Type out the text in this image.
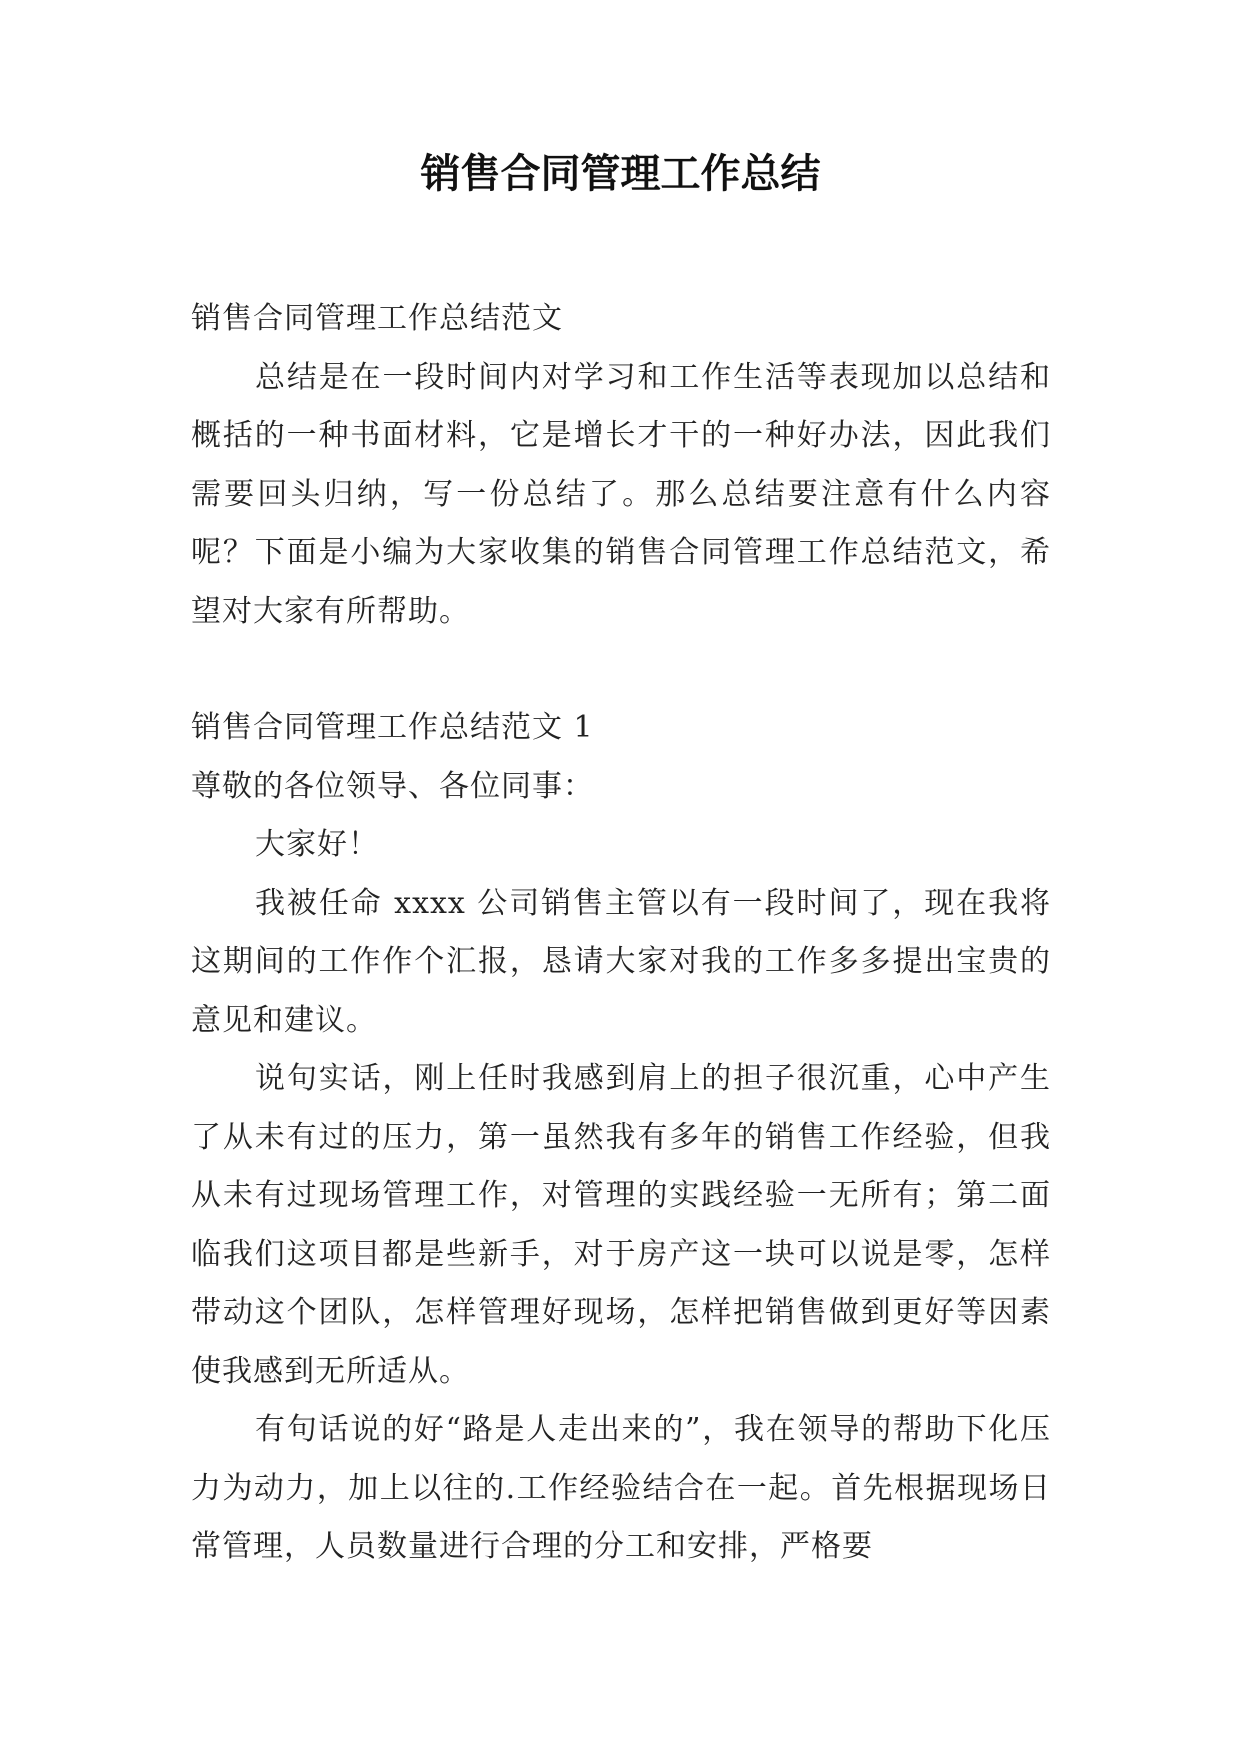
销售合同管理工作总结

销售合同管理工作总结范文

总结是在一段时间内对学习和工作生活等表现加以总结和概括的一种书面材料，它是增长才干的一种好办法，因此我们需要回头归纳，写一份总结了。那么总结要注意有什么内容呢？下面是小编为大家收集的销售合同管理工作总结范文，希望对大家有所帮助。

销售合同管理工作总结范文 1

尊敬的各位领导、各位同事：

大家好！

我被任命 xxxx 公司销售主管以有一段时间了，现在我将这期间的工作作个汇报，恳请大家对我的工作多多提出宝贵的意见和建议。

说句实话，刚上任时我感到肩上的担子很沉重，心中产生了从未有过的压力，第一虽然我有多年的销售工作经验，但我从未有过现场管理工作，对管理的实践经验一无所有；第二面临我们这项目都是些新手，对于房产这一块可以说是零，怎样带动这个团队，怎样管理好现场，怎样把销售做到更好等因素使我感到无所适从。

有句话说的好“路是人走出来的”，我在领导的帮助下化压力为动力，加上以往的.工作经验结合在一起。首先根据现场日常管理，人员数量进行合理的分工和安排，严格要
